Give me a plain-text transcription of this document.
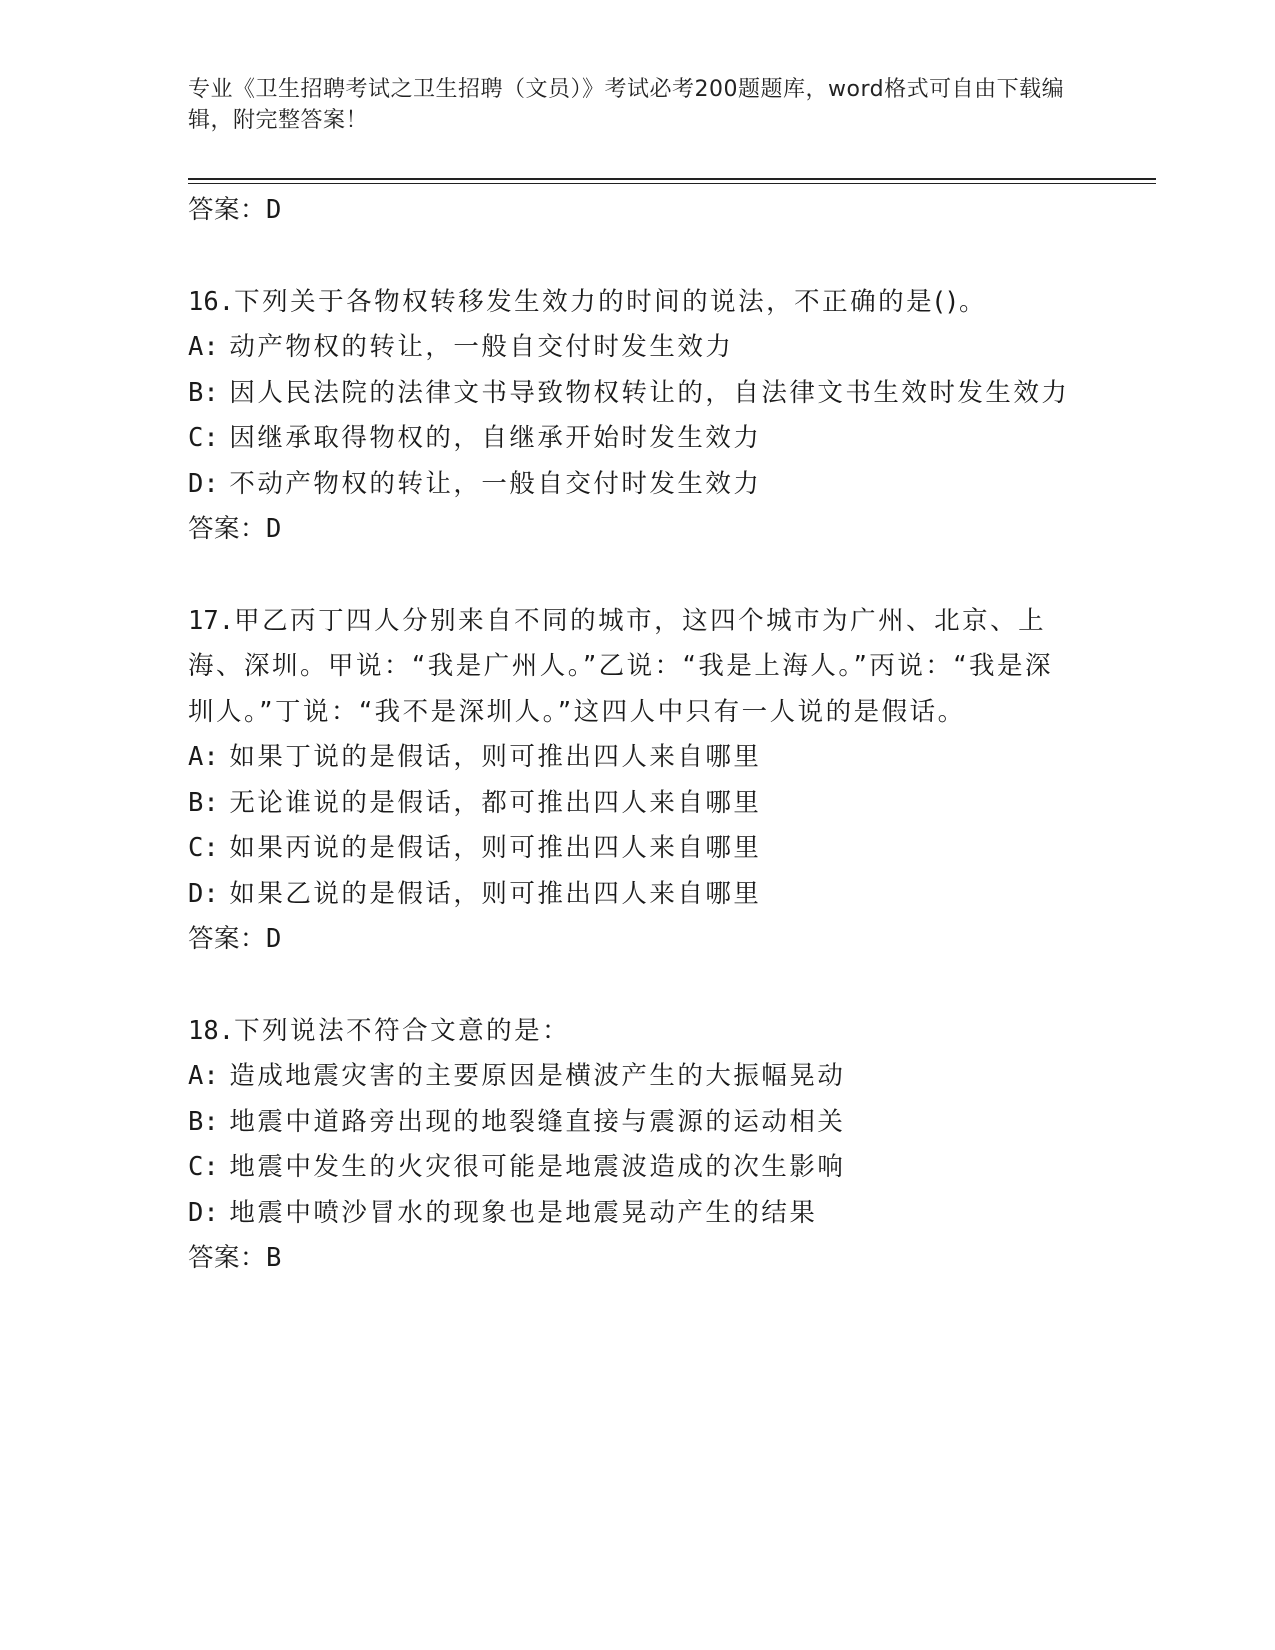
专业《卫生招聘考试之卫生招聘（文员）》考试必考200题题库，word格式可自由下载编辑，附完整答案！

答案：D

16.下列关于各物权转移发生效力的时间的说法，不正确的是()。

A: 动产物权的转让，一般自交付时发生效力

B: 因人民法院的法律文书导致物权转让的，自法律文书生效时发生效力

C: 因继承取得物权的，自继承开始时发生效力

D: 不动产物权的转让，一般自交付时发生效力

答案：D

17.甲乙丙丁四人分别来自不同的城市，这四个城市为广州、北京、上海、深圳。甲说：“我是广州人。”乙说：“我是上海人。”丙说：“我是深圳人。”丁说：“我不是深圳人。”这四人中只有一人说的是假话。

A: 如果丁说的是假话，则可推出四人来自哪里

B: 无论谁说的是假话，都可推出四人来自哪里

C: 如果丙说的是假话，则可推出四人来自哪里

D: 如果乙说的是假话，则可推出四人来自哪里

答案：D

18.下列说法不符合文意的是：

A: 造成地震灾害的主要原因是横波产生的大振幅晃动

B: 地震中道路旁出现的地裂缝直接与震源的运动相关

C: 地震中发生的火灾很可能是地震波造成的次生影响

D: 地震中喷沙冒水的现象也是地震晃动产生的结果

答案：B
